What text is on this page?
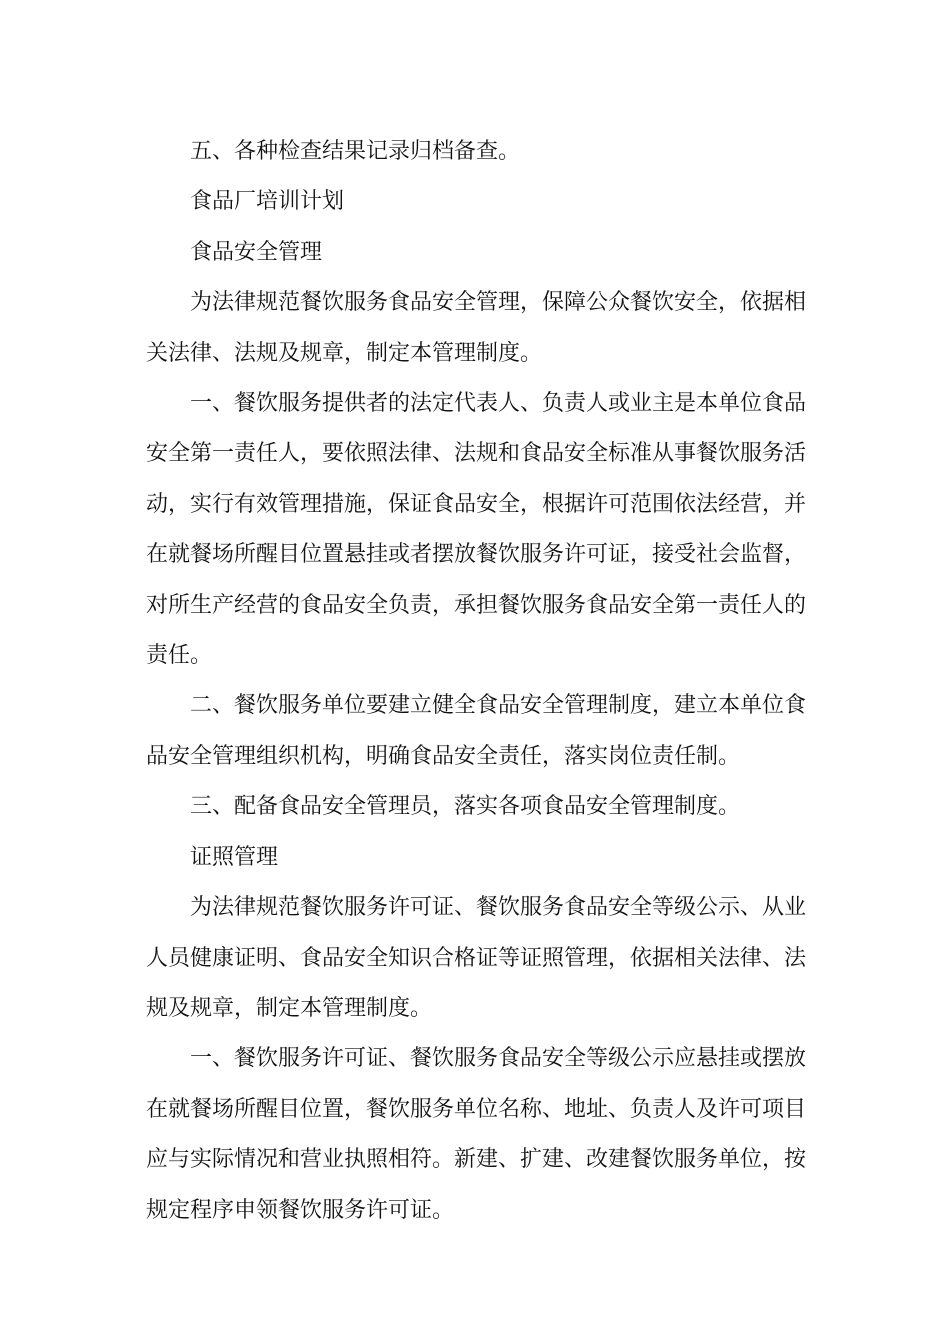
五、各种检查结果记录归档备查。

食品厂培训计划

食品安全管理

为法律规范餐饮服务食品安全管理，保障公众餐饮安全，依据相关法律、法规及规章，制定本管理制度。

一、餐饮服务提供者的法定代表人、负责人或业主是本单位食品安全第一责任人，要依照法律、法规和食品安全标准从事餐饮服务活动，实行有效管理措施，保证食品安全，根据许可范围依法经营，并在就餐场所醒目位置悬挂或者摆放餐饮服务许可证，接受社会监督，对所生产经营的食品安全负责，承担餐饮服务食品安全第一责任人的责任。

二、餐饮服务单位要建立健全食品安全管理制度，建立本单位食品安全管理组织机构，明确食品安全责任，落实岗位责任制。

三、配备食品安全管理员，落实各项食品安全管理制度。

证照管理

为法律规范餐饮服务许可证、餐饮服务食品安全等级公示、从业人员健康证明、食品安全知识合格证等证照管理，依据相关法律、法规及规章，制定本管理制度。

一、餐饮服务许可证、餐饮服务食品安全等级公示应悬挂或摆放在就餐场所醒目位置，餐饮服务单位名称、地址、负责人及许可项目应与实际情况和营业执照相符。新建、扩建、改建餐饮服务单位，按规定程序申领餐饮服务许可证。
